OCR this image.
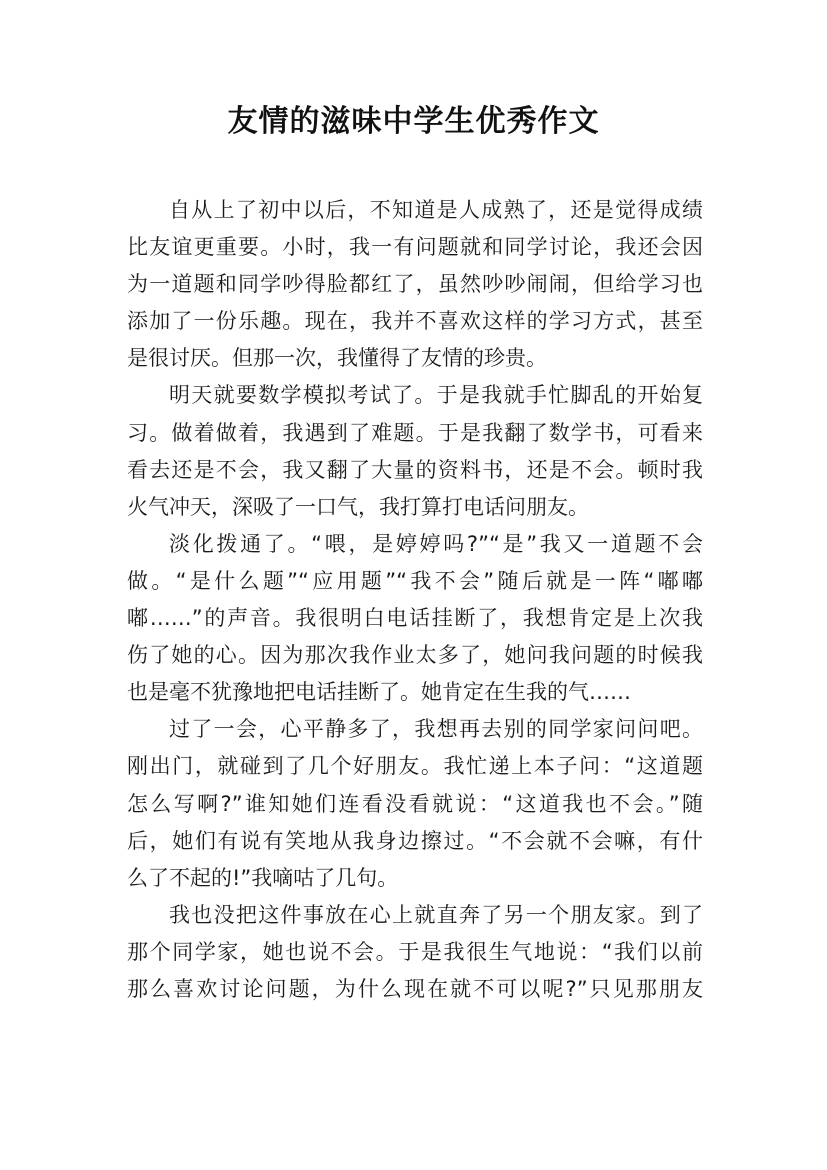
友情的滋味中学生优秀作文
自从上了初中以后，不知道是人成熟了，还是觉得成绩
比友谊更重要。小时，我一有问题就和同学讨论，我还会因
为一道题和同学吵得脸都红了，虽然吵吵闹闹，但给学习也
添加了一份乐趣。现在，我并不喜欢这样的学习方式，甚至
是很讨厌。但那一次，我懂得了友情的珍贵。
明天就要数学模拟考试了。于是我就手忙脚乱的开始复
习。做着做着，我遇到了难题。于是我翻了数学书，可看来
看去还是不会，我又翻了大量的资料书，还是不会。顿时我
火气冲天，深吸了一口气，我打算打电话问朋友。
淡化拨通了。“喂，是婷婷吗?”“是”我又一道题不会
做。“是什么题”“应用题”“我不会”随后就是一阵“嘟嘟
嘟……”的声音。我很明白电话挂断了，我想肯定是上次我
伤了她的心。因为那次我作业太多了，她问我问题的时候我
也是毫不犹豫地把电话挂断了。她肯定在生我的气……
过了一会，心平静多了，我想再去别的同学家问问吧。
刚出门，就碰到了几个好朋友。我忙递上本子问：“这道题
怎么写啊?”谁知她们连看没看就说：“这道我也不会。”随
后，她们有说有笑地从我身边擦过。“不会就不会嘛，有什
么了不起的!”我嘀咕了几句。
我也没把这件事放在心上就直奔了另一个朋友家。到了
那个同学家，她也说不会。于是我很生气地说：“我们以前
那么喜欢讨论问题，为什么现在就不可以呢?”只见那朋友
